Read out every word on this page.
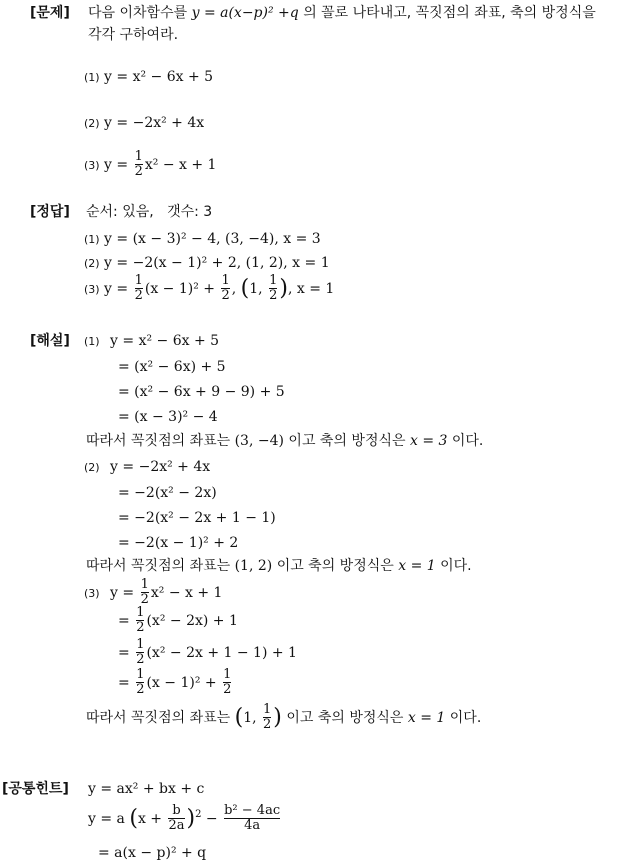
[문제] 다음 이차함수를 y = a(x−p)² +q 의 꼴로 나타내고, 꼭짓점의 좌표, 축의 방정식을
각각 구하여라.
(1) y = x² − 6x + 5
(2) y = −2x² + 4x
(3) $y = \frac{1}{2} x^2 - x + 1$
[정답] 순서: 있음,   갯수: 3
(1) y = (x − 3)² − 4, (3, −4), x = 3
(2) y = −2(x − 1)² + 2, (1, 2), x = 1
(3) $y = \frac{1}{2} (x - 1)^2 + \frac{1}{2}$ , (1, $\frac{1}{2}$ ), x = 1
[해설] (1) y = x² − 6x + 5
= (x² − 6x) + 5
= (x² − 6x + 9 − 9) + 5
= (x − 3)² − 4
따라서 꼭짓점의 좌표는 (3, −4) 이고 축의 방정식은 x = 3 이다.
(2) y = −2x² + 4x
= −2(x² − 2x)
= −2(x² − 2x + 1 − 1)
= −2(x − 1)² + 2
따라서 꼭짓점의 좌표는 (1, 2) 이고 축의 방정식은 x = 1 이다.
(3) $y = \frac{1}{2} x^2 - x + 1$
= $\frac{1}{2} (x^2 - 2x) + 1$
= $\frac{1}{2} (x^2 - 2x + 1 - 1) + 1$
= $\frac{1}{2} (x - 1)^2 + \frac{1}{2}$
따라서 꼭짓점의 좌표는 (1, $\frac{1}{2}$ ) 이고 축의 방정식은 x = 1 이다.
[공통힌트] y = ax² + bx + c
y = a $(x + \frac{b}{2a} )^2 - \frac{\text{b² − 4ac}}{4a}$
= a(x − p)² + q
